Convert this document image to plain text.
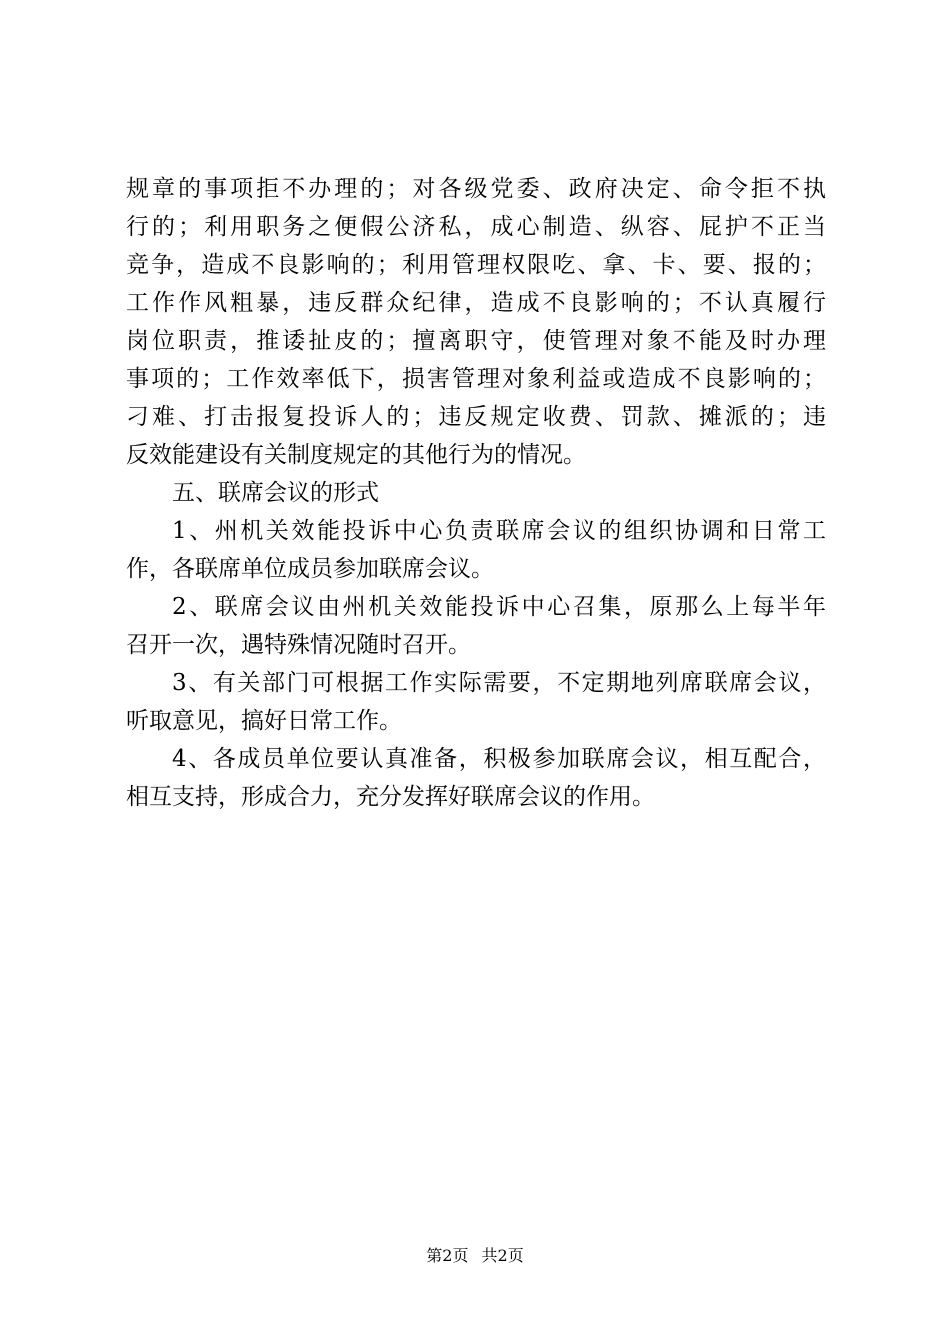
规章的事项拒不办理的；对各级党委、政府决定、命令拒不执
行的；利用职务之便假公济私，成心制造、纵容、屁护不正当
竞争，造成不良影响的；利用管理权限吃、拿、卡、要、报的；
工作作风粗暴，违反群众纪律，造成不良影响的；不认真履行
岗位职责，推诿扯皮的；擅离职守，使管理对象不能及时办理
事项的；工作效率低下，损害管理对象利益或造成不良影响的；
刁难、打击报复投诉人的；违反规定收费、罚款、摊派的；违
反效能建设有关制度规定的其他行为的情况。
五、联席会议的形式
1、州机关效能投诉中心负责联席会议的组织协调和日常工
作，各联席单位成员参加联席会议。
2、联席会议由州机关效能投诉中心召集，原那么上每半年
召开一次，遇特殊情况随时召开。
3、有关部门可根据工作实际需要，不定期地列席联席会议，
听取意见，搞好日常工作。
4、各成员单位要认真准备，积极参加联席会议，相互配合，
相互支持，形成合力，充分发挥好联席会议的作用。
第2页 共2页
